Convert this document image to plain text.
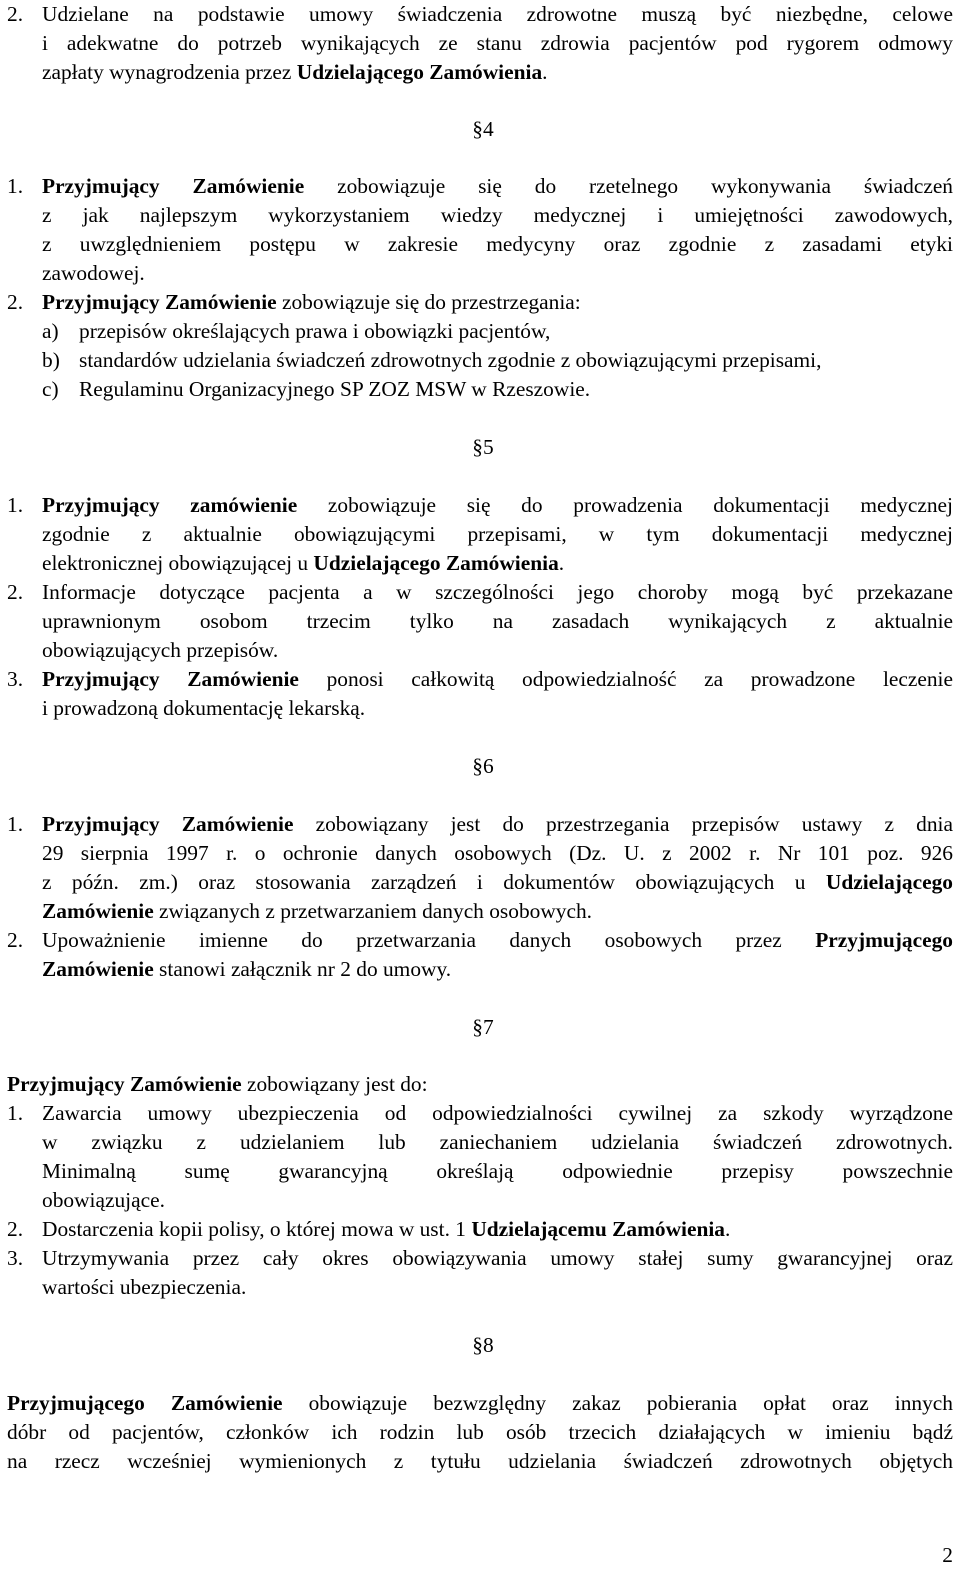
2. Udzielane na podstawie umowy świadczenia zdrowotne muszą być niezbędne, celowe
i adekwatne do potrzeb wynikających ze stanu zdrowia pacjentów pod rygorem odmowy
zapłaty wynagrodzenia przez Udzielającego Zamówienia.
§4
1. Przyjmujący Zamówienie zobowiązuje się do rzetelnego wykonywania świadczeń
z jak najlepszym wykorzystaniem wiedzy medycznej i umiejętności zawodowych,
z uwzględnieniem postępu w zakresie medycyny oraz zgodnie z zasadami etyki
zawodowej.
2. Przyjmujący Zamówienie zobowiązuje się do przestrzegania:
a) przepisów określających prawa i obowiązki pacjentów,
b) standardów udzielania świadczeń zdrowotnych zgodnie z obowiązującymi przepisami,
c) Regulaminu Organizacyjnego SP ZOZ MSW w Rzeszowie.
§5
1. Przyjmujący zamówienie zobowiązuje się do prowadzenia dokumentacji medycznej
zgodnie z aktualnie obowiązującymi przepisami, w tym dokumentacji medycznej
elektronicznej obowiązującej u Udzielającego Zamówienia.
2. Informacje dotyczące pacjenta a w szczególności jego choroby mogą być przekazane
uprawnionym osobom trzecim tylko na zasadach wynikających z aktualnie
obowiązujących przepisów.
3. Przyjmujący Zamówienie ponosi całkowitą odpowiedzialność za prowadzone leczenie
i prowadzoną dokumentację lekarską.
§6
1. Przyjmujący Zamówienie zobowiązany jest do przestrzegania przepisów ustawy z dnia
29 sierpnia 1997 r. o ochronie danych osobowych (Dz. U. z 2002 r. Nr 101 poz. 926
z późn. zm.) oraz stosowania zarządzeń i dokumentów obowiązujących u Udzielającego
Zamówienie związanych z przetwarzaniem danych osobowych.
2. Upoważnienie imienne do przetwarzania danych osobowych przez Przyjmującego
Zamówienie stanowi załącznik nr 2 do umowy.
§7
Przyjmujący Zamówienie zobowiązany jest do:
1. Zawarcia umowy ubezpieczenia od odpowiedzialności cywilnej za szkody wyrządzone
w związku z udzielaniem lub zaniechaniem udzielania świadczeń zdrowotnych.
Minimalną sumę gwarancyjną określają odpowiednie przepisy powszechnie
obowiązujące.
2. Dostarczenia kopii polisy, o której mowa w ust. 1 Udzielającemu Zamówienia.
3. Utrzymywania przez cały okres obowiązywania umowy stałej sumy gwarancyjnej oraz
wartości ubezpieczenia.
§8
Przyjmującego Zamówienie obowiązuje bezwzględny zakaz pobierania opłat oraz innych
dóbr od pacjentów, członków ich rodzin lub osób trzecich działających w imieniu bądź
na rzecz wcześniej wymienionych z tytułu udzielania świadczeń zdrowotnych objętych
2
